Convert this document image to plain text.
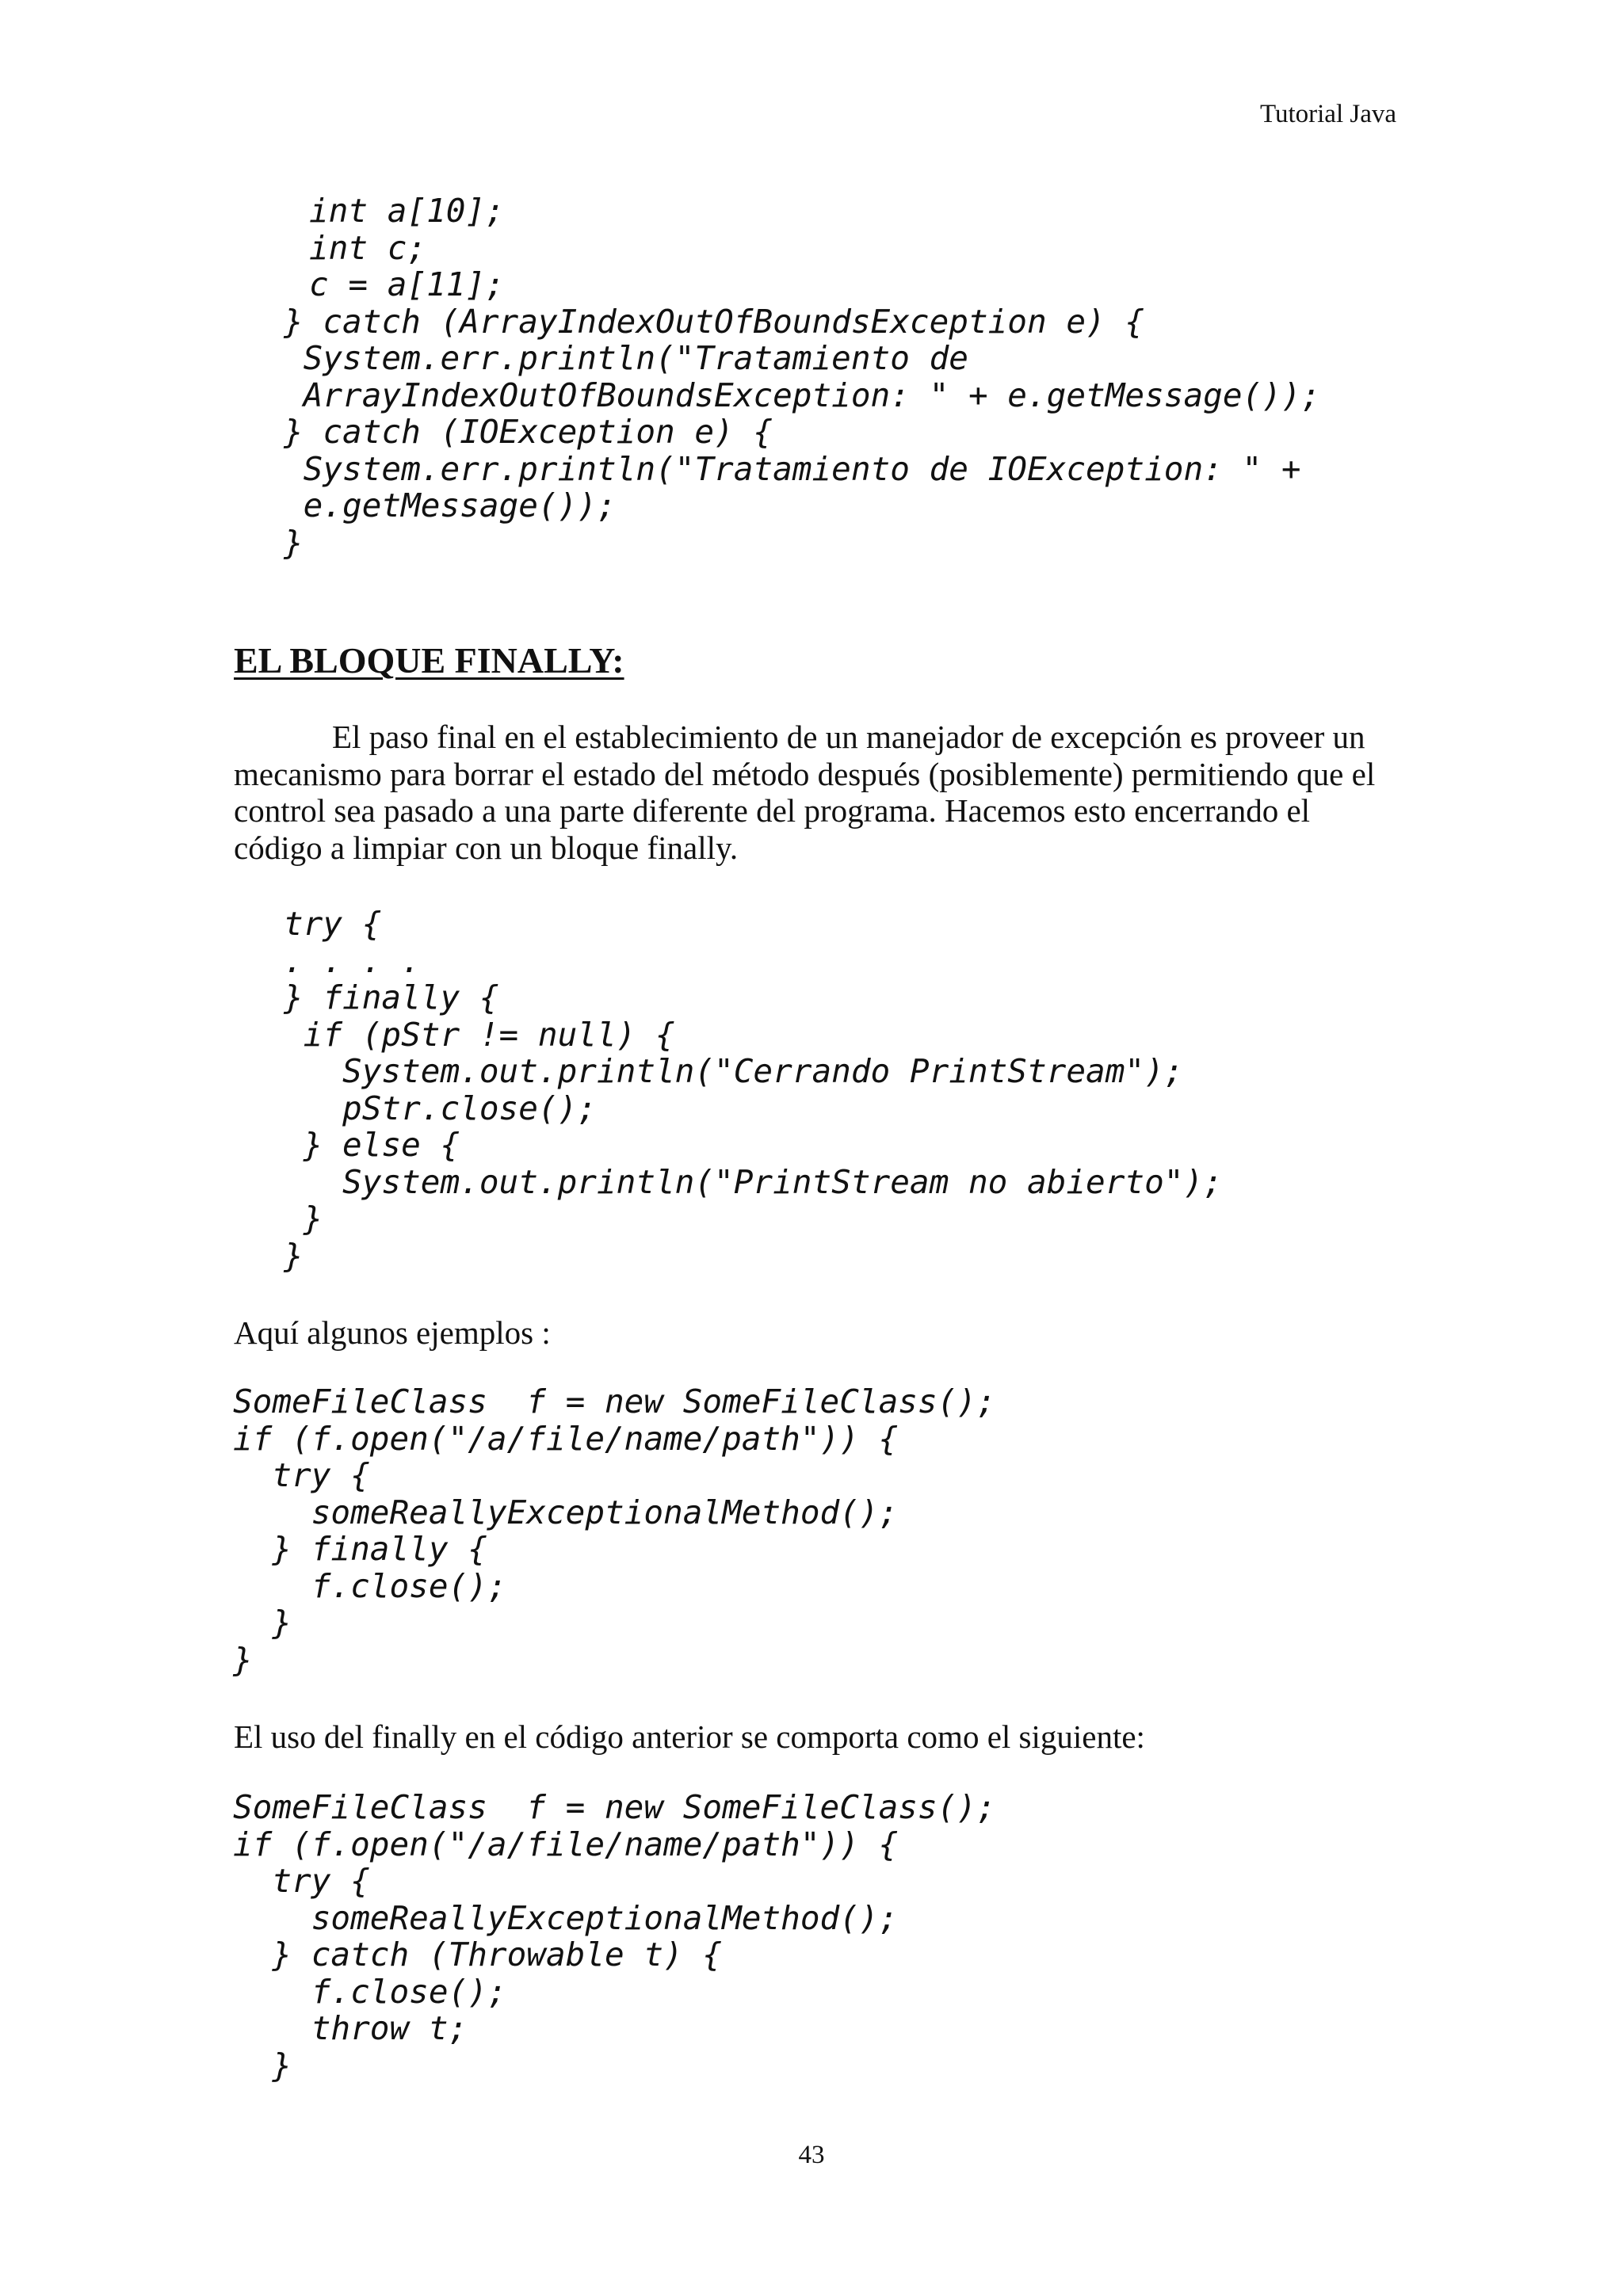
Tutorial Java
int a[10];
int c;
c = a[11];
} catch (ArrayIndexOutOfBoundsException e) {
System.err.println("Tratamiento de
ArrayIndexOutOfBoundsException: " + e.getMessage());
} catch (IOException e) {
System.err.println("Tratamiento de IOException: " +
e.getMessage());
}
EL BLOQUE FINALLY:

El paso final en el establecimiento de un manejador de excepción es proveer un
mecanismo para borrar el estado del método después (posiblemente) permitiendo que el
control sea pasado a una parte diferente del programa. Hacemos esto encerrando el
código a limpiar con un bloque finally.

try {
. . . .
} finally {
if (pStr != null) {
System.out.println("Cerrando PrintStream");
pStr.close();
} else {
System.out.println("PrintStream no abierto");
}
}

Aquí algunos ejemplos :

SomeFileClass  f = new SomeFileClass();
if (f.open("/a/file/name/path")) {
try {
someReallyExceptionalMethod();
} finally {
f.close();
}
}

El uso del finally en el código anterior se comporta como el siguiente:

SomeFileClass  f = new SomeFileClass();
if (f.open("/a/file/name/path")) {
try {
someReallyExceptionalMethod();
} catch (Throwable t) {
f.close();
throw t;
}
43
